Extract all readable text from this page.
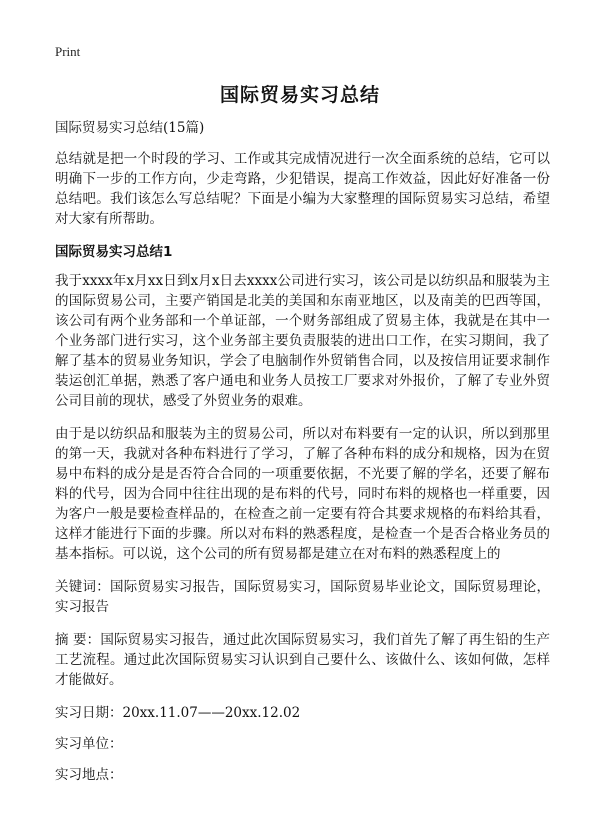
Print
国际贸易实习总结

国际贸易实习总结(15篇)

总结就是把一个时段的学习、工作或其完成情况进行一次全面系统的总结，它可以明确下一步的工作方向，少走弯路，少犯错误，提高工作效益，因此好好准备一份总结吧。我们该怎么写总结呢？下面是小编为大家整理的国际贸易实习总结，希望对大家有所帮助。

国际贸易实习总结1

我于xxxx年x月xx日到x月x日去xxxx公司进行实习，该公司是以纺织品和服装为主的国际贸易公司，主要产销国是北美的美国和东南亚地区，以及南美的巴西等国，该公司有两个业务部和一个单证部，一个财务部组成了贸易主体，我就是在其中一个业务部门进行实习，这个业务部主要负责服装的进出口工作，在实习期间，我了解了基本的贸易业务知识，学会了电脑制作外贸销售合同，以及按信用证要求制作装运创汇单据，熟悉了客户通电和业务人员按工厂要求对外报价，了解了专业外贸公司目前的现状，感受了外贸业务的艰难。

由于是以纺织品和服装为主的贸易公司，所以对布料要有一定的认识，所以到那里的第一天，我就对各种布料进行了学习，了解了各种布料的成分和规格，因为在贸易中布料的成分是是否符合合同的一项重要依据，不光要了解的学名，还要了解布料的代号，因为合同中往往出现的是布料的代号，同时布料的规格也一样重要，因为客户一般是要检查样品的，在检查之前一定要有符合其要求规格的布料给其看，这样才能进行下面的步骤。所以对布料的熟悉程度，是检查一个是否合格业务员的基本指标。可以说，这个公司的所有贸易都是建立在对布料的熟悉程度上的

关键词：国际贸易实习报告，国际贸易实习，国际贸易毕业论文，国际贸易理论，实习报告

摘 要：国际贸易实习报告，通过此次国际贸易实习，我们首先了解了再生铅的生产工艺流程。通过此次国际贸易实习认识到自己要什么、该做什么、该如何做，怎样才能做好。

实习日期：20xx.11.07——20xx.12.02

实习单位：

实习地点：
